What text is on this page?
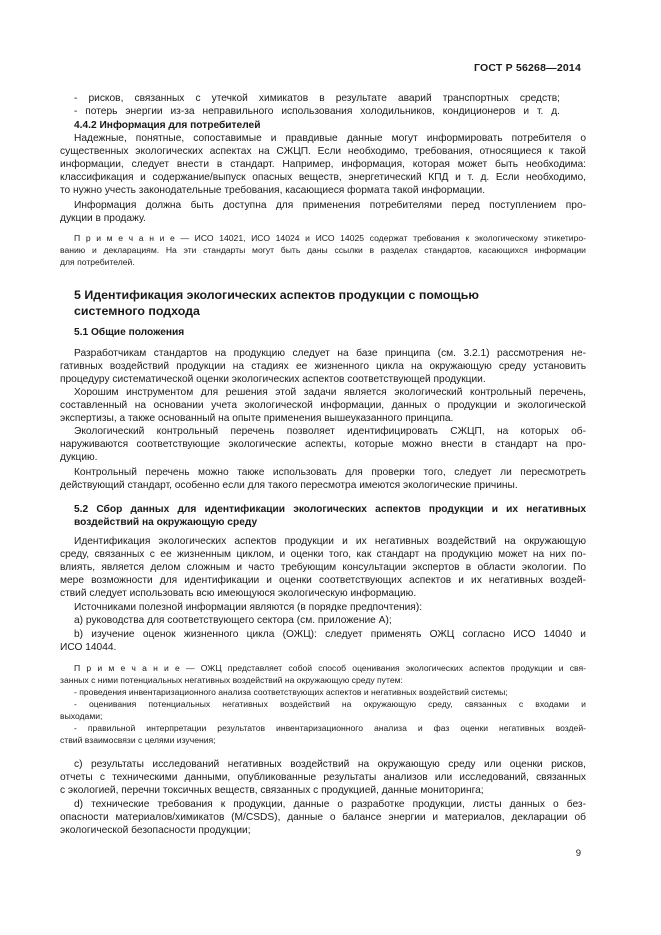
ГОСТ Р 56268—2014
- рисков, связанных с утечкой химикатов в результате аварий транспортных средств;
- потерь энергии из-за неправильного использования холодильников, кондиционеров и т. д.
4.4.2 Информация для потребителей
Надежные, понятные, сопоставимые и правдивые данные могут информировать потребителя о
существенных экологических аспектах на СЖЦП. Если необходимо, требования, относящиеся к такой
информации, следует внести в стандарт. Например, информация, которая может быть необходима:
классификация и содержание/выпуск опасных веществ, энергетический КПД и т. д. Если необходимо,
то нужно учесть законодательные требования, касающиеся формата такой информации.
Информация должна быть доступна для применения потребителями перед поступлением про-
дукции в продажу.
П р и м е ч а н и е — ИСО 14021, ИСО 14024 и ИСО 14025 содержат требования к экологическому этикетиро-
ванию и декларациям. На эти стандарты могут быть даны ссылки в разделах стандартов, касающихся информации
для потребителей.
5 Идентификация экологических аспектов продукции с помощью
системного подхода
5.1 Общие положения
Разработчикам стандартов на продукцию следует на базе принципа (см. 3.2.1) рассмотрения не-
гативных воздействий продукции на стадиях ее жизненного цикла на окружающую среду установить
процедуру систематической оценки экологических аспектов соответствующей продукции.
Хорошим инструментом для решения этой задачи является экологический контрольный перечень,
составленный на основании учета экологической информации, данных о продукции и экологической
экспертизы, а также основанный на опыте применения вышеуказанного принципа.
Экологический контрольный перечень позволяет идентифицировать СЖЦП, на которых об-
наруживаются соответствующие экологические аспекты, которые можно внести в стандарт на про-
дукцию.
Контрольный перечень можно также использовать для проверки того, следует ли пересмотреть
действующий стандарт, особенно если для такого пересмотра имеются экологические причины.
5.2 Сбор данных для идентификации экологических аспектов продукции и их негативных
воздействий на окружающую среду
Идентификация экологических аспектов продукции и их негативных воздействий на окружающую
среду, связанных с ее жизненным циклом, и оценки того, как стандарт на продукцию может на них по-
влиять, является делом сложным и часто требующим консультации экспертов в области экологии. По
мере возможности для идентификации и оценки соответствующих аспектов и их негативных воздей-
ствий следует использовать всю имеющуюся экологическую информацию.
Источниками полезной информации являются (в порядке предпочтения):
a) руководства для соответствующего сектора (см. приложение А);
b) изучение оценок жизненного цикла (ОЖЦ): следует применять ОЖЦ согласно ИСО 14040 и
ИСО 14044.
П р и м е ч а н и е — ОЖЦ представляет собой способ оценивания экологических аспектов продукции и свя-
занных с ними потенциальных негативных воздействий на окружающую среду путем:
- проведения инвентаризационного анализа соответствующих аспектов и негативных воздействий системы;
- оценивания потенциальных негативных воздействий на окружающую среду, связанных с входами и
выходами;
- правильной интерпретации результатов инвентаризационного анализа и фаз оценки негативных воздей-
ствий взаимосвязи с целями изучения;
c) результаты исследований негативных воздействий на окружающую среду или оценки рисков,
отчеты с техническими данными, опубликованные результаты анализов или исследований, связанных
с экологией, перечни токсичных веществ, связанных с продукцией, данные мониторинга;
d) технические требования к продукции, данные о разработке продукции, листы данных о без-
опасности материалов/химикатов (M/CSDS), данные о балансе энергии и материалов, декларации об
экологической безопасности продукции;
9
